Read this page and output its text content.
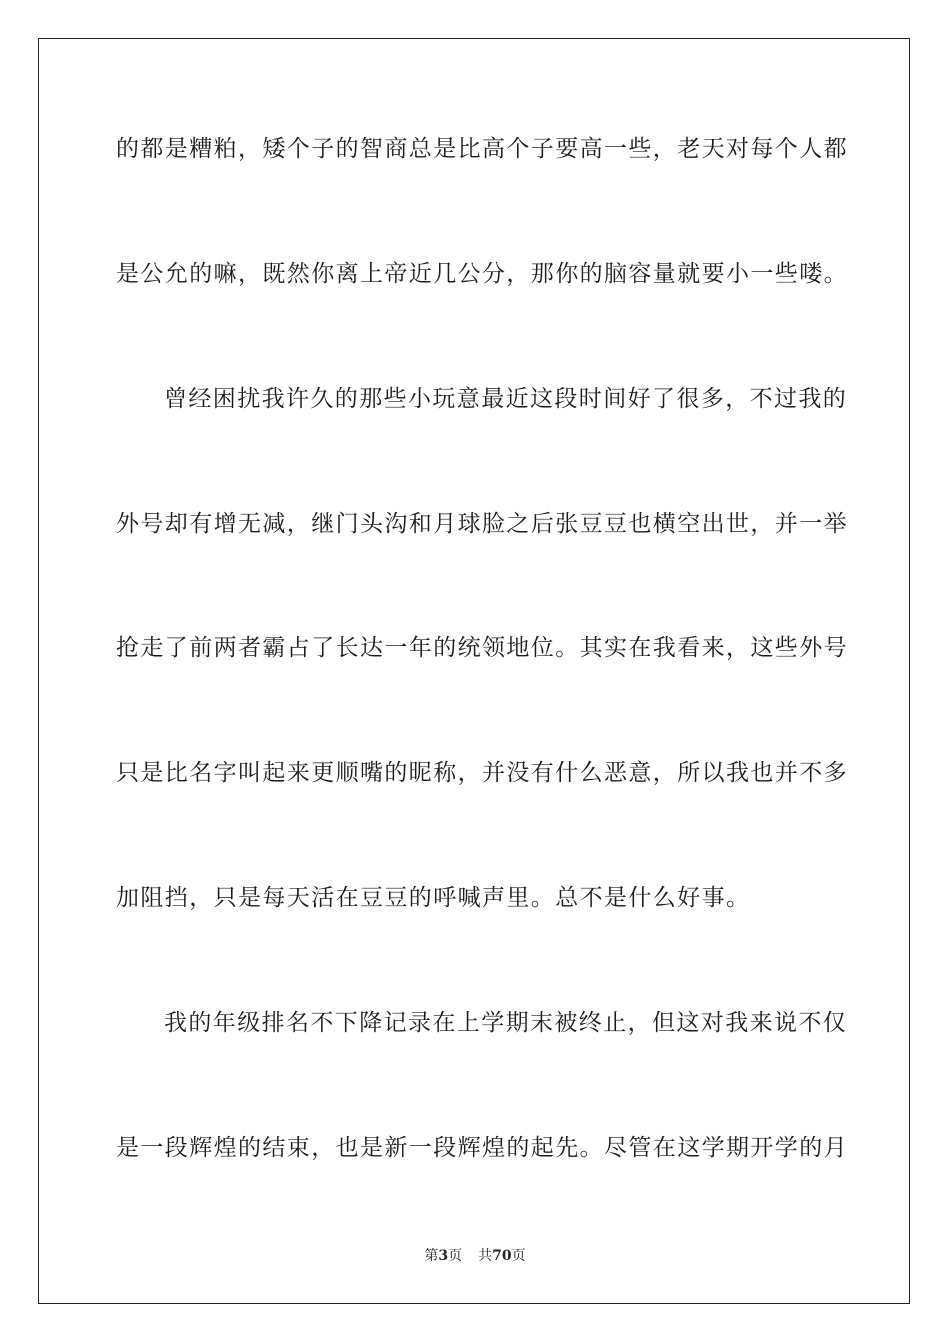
的都是糟粕，矮个子的智商总是比高个子要高一些，老天对每个人都
是公允的嘛，既然你离上帝近几公分，那你的脑容量就要小一些喽。
曾经困扰我许久的那些小玩意最近这段时间好了很多，不过我的
外号却有增无减，继门头沟和月球脸之后张豆豆也横空出世，并一举
抢走了前两者霸占了长达一年的统领地位。其实在我看来，这些外号
只是比名字叫起来更顺嘴的昵称，并没有什么恶意，所以我也并不多
加阻挡，只是每天活在豆豆的呼喊声里。总不是什么好事。
我的年级排名不下降记录在上学期末被终止，但这对我来说不仅
是一段辉煌的结束，也是新一段辉煌的起先。尽管在这学期开学的月
第3页 共70页
